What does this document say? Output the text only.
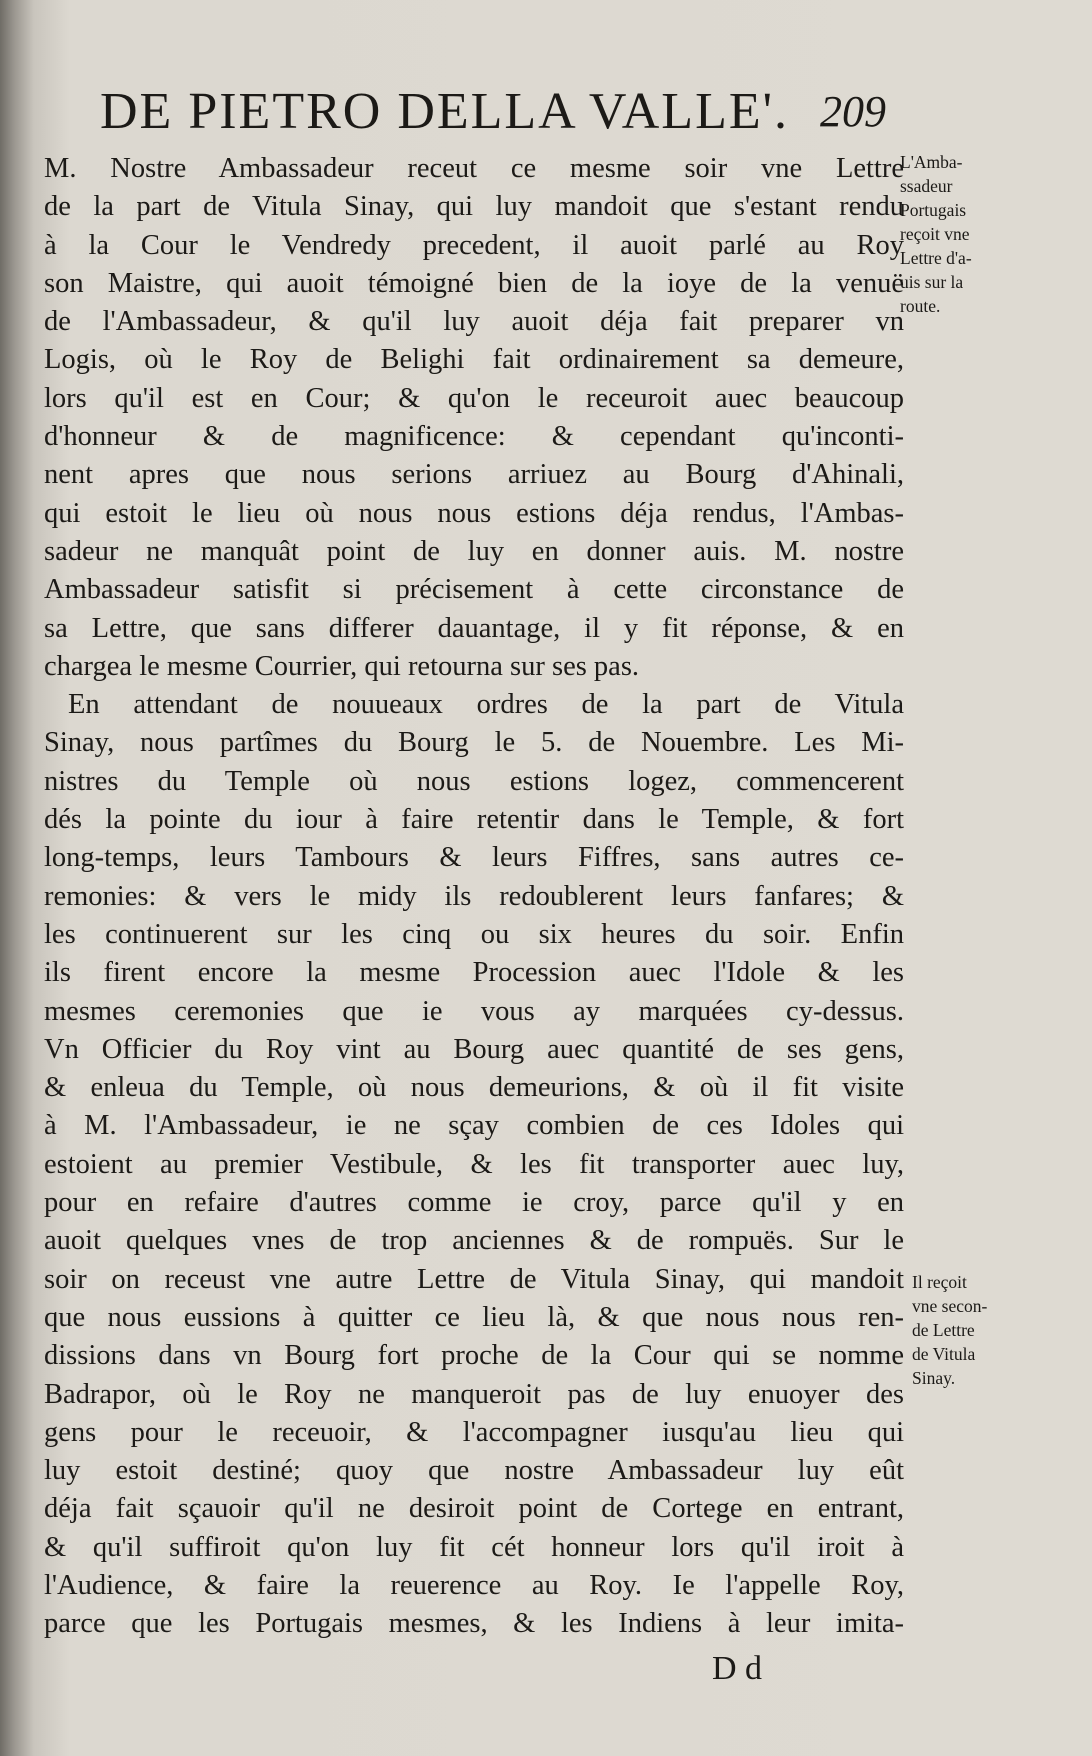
DE PIETRO DELLA VALLE'. 209
M. Nostre Ambassadeur receut ce mesme soir vne Lettre
de la part de Vitula Sinay, qui luy mandoit que s'estant rendu
à la Cour le Vendredy precedent, il auoit parlé au Roy
son Maistre, qui auoit témoigné bien de la ioye de la venuë
de l'Ambassadeur, & qu'il luy auoit déja fait preparer vn
Logis, où le Roy de Belighi fait ordinairement sa demeure,
lors qu'il est en Cour; & qu'on le receuroit auec beaucoup
d'honneur & de magnificence: & cependant qu'inconti-
nent apres que nous serions arriuez au Bourg d'Ahinali,
qui estoit le lieu où nous nous estions déja rendus, l'Ambas-
sadeur ne manquât point de luy en donner auis. M. nostre
Ambassadeur satisfit si précisement à cette circonstance de
sa Lettre, que sans differer dauantage, il y fit réponse, & en
chargea le mesme Courrier, qui retourna sur ses pas.
En attendant de nouueaux ordres de la part de Vitula
Sinay, nous partîmes du Bourg le 5. de Nouembre. Les Mi-
nistres du Temple où nous estions logez, commencerent
dés la pointe du iour à faire retentir dans le Temple, & fort
long-temps, leurs Tambours & leurs Fiffres, sans autres ce-
remonies: & vers le midy ils redoublerent leurs fanfares; &
les continuerent sur les cinq ou six heures du soir. Enfin
ils firent encore la mesme Procession auec l'Idole & les
mesmes ceremonies que ie vous ay marquées cy-dessus.
Vn Officier du Roy vint au Bourg auec quantité de ses gens,
& enleua du Temple, où nous demeurions, & où il fit visite
à M. l'Ambassadeur, ie ne sçay combien de ces Idoles qui
estoient au premier Vestibule, & les fit transporter auec luy,
pour en refaire d'autres comme ie croy, parce qu'il y en
auoit quelques vnes de trop anciennes & de rompuës. Sur le
soir on receust vne autre Lettre de Vitula Sinay, qui mandoit
que nous eussions à quitter ce lieu là, & que nous nous ren-
dissions dans vn Bourg fort proche de la Cour qui se nomme
Badrapor, où le Roy ne manqueroit pas de luy enuoyer des
gens pour le receuoir, & l'accompagner iusqu'au lieu qui
luy estoit destiné; quoy que nostre Ambassadeur luy eût
déja fait sçauoir qu'il ne desiroit point de Cortege en entrant,
& qu'il suffiroit qu'on luy fit cét honneur lors qu'il iroit à
l'Audience, & faire la reuerence au Roy. Ie l'appelle Roy,
parce que les Portugais mesmes, & les Indiens à leur imita-
L'Amba-
ssadeur
Portugais
reçoit vne
Lettre d'a-
uis sur la
route.
Il reçoit
vne secon-
de Lettre
de Vitula
Sinay.
D d
